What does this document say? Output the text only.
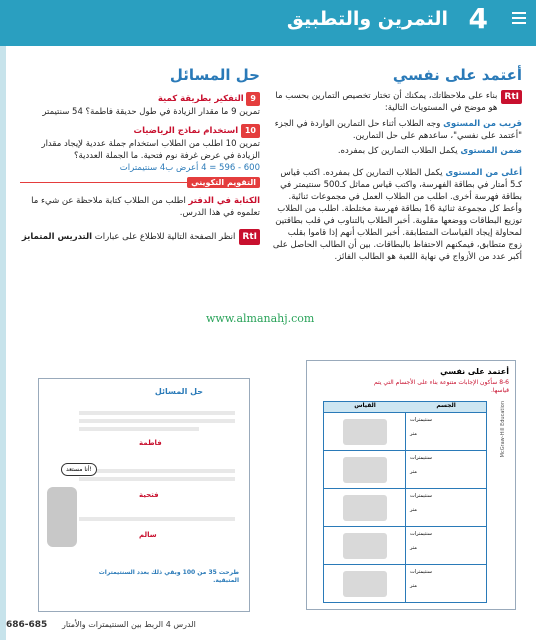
التمرين والتطبيق 4
أعتمد على نفسي
RtI
بناء على ملاحظاتك، يمكنك أن تختار تخصيص التمارين بحسب ما هو موضح في المستويات التالية:
قريب من المستوى وجه الطلاب أثناء حل التمارين الواردة في الجزء "أعتمد على نفسي"، ساعدهم على حل التمارين.
ضمن المستوى يكمل الطلاب التمارين كل بمفرده.
أعلى من المستوى يكمل الطلاب التمارين كل بمفرده. اكتب قياس كـ5 أمتار في بطاقة الفهرسة، واكتب قياس مماثل كـ500 سنتيمتر في بطاقة فهرسة أخرى. اطلب من الطلاب العمل في مجموعات ثنائية. وأعط كل مجموعة ثنائية 16 بطاقة فهرسة مختلطة. اطلب من الطلاب توزيع البطاقات ووضعها مقلوبة. أخبر الطلاب بالتناوب في قلب بطاقتين لمحاولة إيجاد القياسات المتطابقة. أخبر الطلاب أنهم إذا قاموا بقلب زوج متطابق، فيمكنهم الاحتفاظ بالبطاقات. بين أن الطالب الحاصل على أكبر عدد من الأزواج في نهاية اللعبة هو الطالب الفائز.
حل المسائل
9 التفكير بطريقة كمية
تمرين 9 ما مقدار الزيادة في طول حديقة فاطمة؟ 54 سنتيمتر
10 استخدام نماذج الرياضيات
تمرين 10 اطلب من الطلاب استخدام جملة عددية لإيجاد مقدار الزيادة في عرض غرفة نوم فتحية. ما الجملة العددية؟
600 - 596 = 4 أعرض ب4 سنتيمترات
التقويم التكويني
الكتابة في الدفتر اطلب من الطلاب كتابة ملاحظة عن شيء ما تعلموه في هذا الدرس.
RtI
انظر الصفحة التالية للاطلاع على عبارات التدريس المتمايز
www.almanahj.com
أعتمد على نفسي
8-6 سأكون الإجابات متنوعة بناء على الأجسام التي يتم قياسها.
القياس	الجسم
سنتيمترات
متر
سنتيمترات
متر
سنتيمترات
متر
سنتيمترات
متر
سنتيمترات
متر
McGraw-Hill Education
حل المسائل
فاطمة
فتحية
سالم
أنا مستعد!
طرحت 35 من 100 وبقي ذلك بعدد السنتيمترات المتبقية.
686-685 الدرس 4 الربط بين السنتيمترات والأمتار
